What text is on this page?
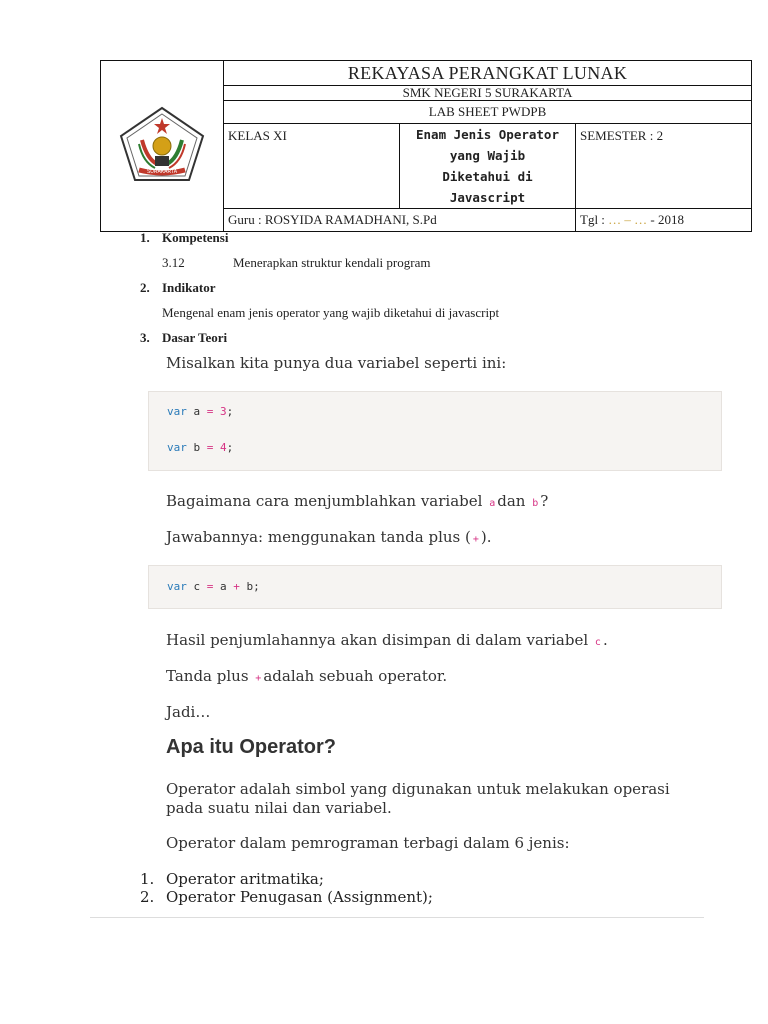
SURAKARTA	REKAYASA PERANGKAT LUNAK		
	SMK NEGERI 5 SURAKARTA		
	LAB SHEET PWDPB		
	KELAS XI	Enam Jenis Operator yang Wajib
Diketahui di Javascript	SEMESTER : 2
	Guru : ROSYIDA RAMADHANI, S.Pd		Tgl : … – … - 2018
1. Kompetensi
3.12	Menerapkan struktur kendali program
2. Indikator
Mengenal enam jenis operator yang wajib diketahui di javascript
3. Dasar Teori
Misalkan kita punya dua variabel seperti ini:
var a = 3;
var b = 4;
Bagaimana cara menjumblahkan variabel a dan b ?
Jawabannya: menggunakan tanda plus ( + ).
var c = a + b;
Hasil penjumlahannya akan disimpan di dalam variabel c .
Tanda plus + adalah sebuah operator.
Jadi…
Apa itu Operator?
Operator adalah simbol yang digunakan untuk melakukan operasi
pada suatu nilai dan variabel.
Operator dalam pemrograman terbagi dalam 6 jenis:
1. Operator aritmatika;
2. Operator Penugasan (Assignment);
